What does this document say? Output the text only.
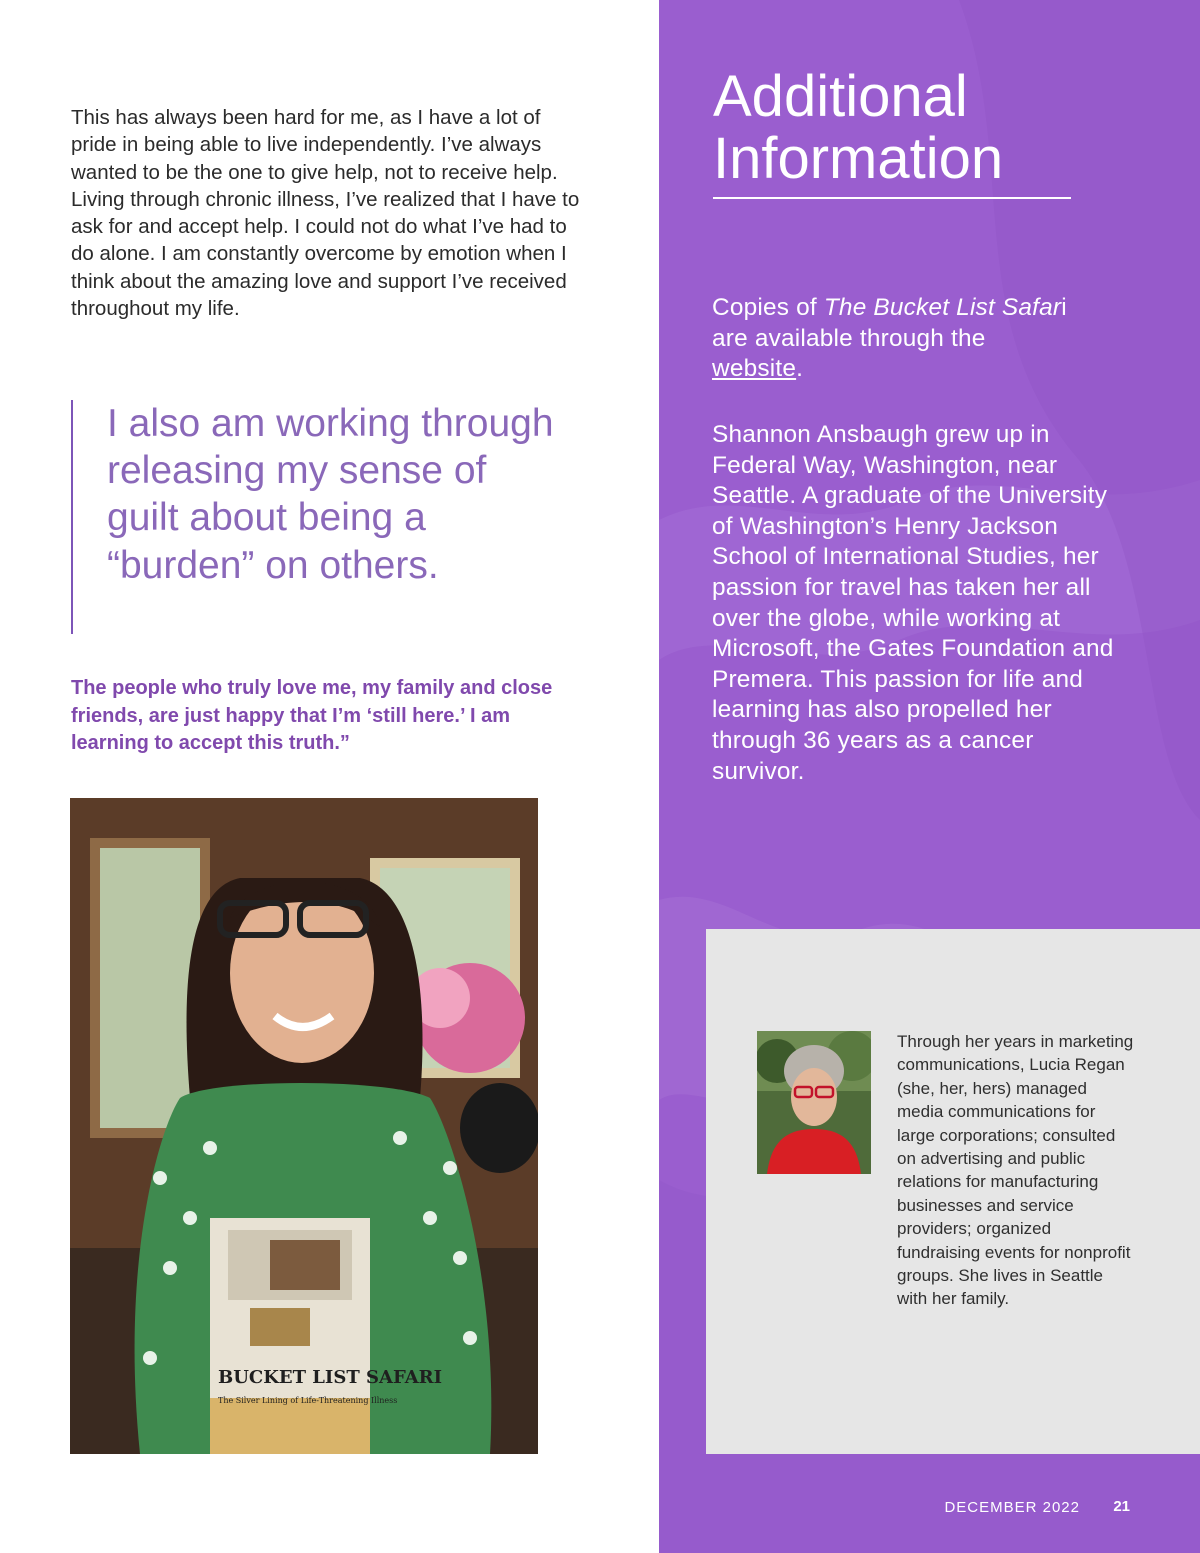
This has always been hard for me, as I have a lot of pride in being able to live independently. I’ve always wanted to be the one to give help, not to receive help. Living through chronic illness, I’ve realized that I have to ask for and accept help. I could not do what I’ve had to do alone. I am constantly overcome by emotion when I think about the amazing love and support I’ve received throughout my life.

I also am working through releasing my sense of guilt about being a “burden” on others.

The people who truly love me, my family and close friends, are just happy that I’m ‘still here.’ I am learning to accept this truth.”

BUCKET LIST SAFARI
The Silver Lining of Life-Threatening Illness
Additional Information

Copies of The Bucket List Safari are available through the website.

Shannon Ansbaugh grew up in Federal Way, Washington, near Seattle. A graduate of the University of Washington’s Henry Jackson School of International Studies, her passion for travel has taken her all over the globe, while working at Microsoft, the Gates Foundation and Premera. This passion for life and learning has also propelled her through 36 years as a cancer survivor.

DECEMBER 2022 21

Through her years in marketing communications, Lucia Regan (she, her, hers) managed media communications for large corporations; consulted on advertising and public relations for manufacturing businesses and service providers; organized fundraising events for nonprofit groups. She lives in Seattle with her family.
